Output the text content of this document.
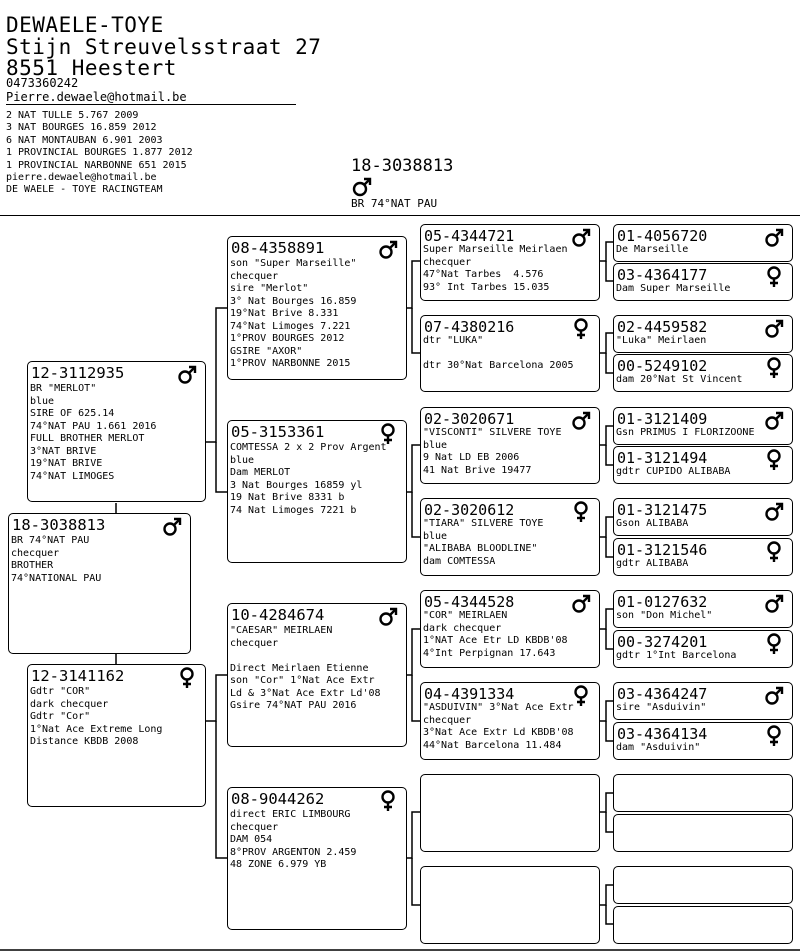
DEWAELE-TOYE
Stijn Streuvelsstraat 27
8551 Heestert
0473360242
Pierre.dewaele@hotmail.be
2 NAT TULLE 5.767 2009
3 NAT BOURGES 16.859 2012
6 NAT MONTAUBAN 6.901 2003
1 PROVINCIAL BOURGES 1.877 2012
1 PROVINCIAL NARBONNE 651 2015
pierre.dewaele@hotmail.be
DE WAELE - TOYE RACINGTEAM
18-3038813
BR 74°NAT PAU
18-3038813
BR 74°NAT PAU
checquer
BROTHER
74°NATIONAL PAU
12-3112935
BR "MERLOT"
blue
SIRE OF 625.14
74°NAT PAU 1.661 2016
FULL BROTHER MERLOT
3°NAT BRIVE
19°NAT BRIVE
74°NAT LIMOGES
12-3141162
Gdtr "COR"
dark checquer
Gdtr "Cor"
1°Nat Ace Extreme Long
Distance KBDB 2008
08-4358891
son "Super Marseille"
checquer
sire "Merlot"
3° Nat Bourges 16.859
19°Nat Brive 8.331
74°Nat Limoges 7.221
1°PROV BOURGES 2012
GSIRE "AXOR"
1°PROV NARBONNE 2015
05-3153361
COMTESSA 2 x 2 Prov Argent
blue
Dam MERLOT
3 Nat Bourges 16859 yl
19 Nat Brive 8331 b
74 Nat Limoges 7221 b
10-4284674
"CAESAR" MEIRLAEN
checquer

Direct Meirlaen Etienne
son "Cor" 1°Nat Ace Extr
Ld & 3°Nat Ace Extr Ld'08
Gsire 74°NAT PAU 2016
08-9044262
direct ERIC LIMBOURG
checquer
DAM 054
8°PROV ARGENTON 2.459
48 ZONE 6.979 YB
05-4344721
Super Marseille Meirlaen
checquer
47°Nat Tarbes  4.576
93° Int Tarbes 15.035
07-4380216
dtr "LUKA"

dtr 30°Nat Barcelona 2005
02-3020671
"VISCONTI" SILVERE TOYE
blue
9 Nat LD EB 2006
41 Nat Brive 19477
02-3020612
"TIARA" SILVERE TOYE
blue
"ALIBABA BLOODLINE"
dam COMTESSA
05-4344528
"COR" MEIRLAEN
dark checquer
1°NAT Ace Etr LD KBDB'08
4°Int Perpignan 17.643
04-4391334
"ASDUIVIN" 3°Nat Ace Extr
checquer
3°Nat Ace Extr Ld KBDB'08
44°Nat Barcelona 11.484
01-4056720
De Marseille
03-4364177
Dam Super Marseille
02-4459582
"Luka" Meirlaen
00-5249102
dam 20°Nat St Vincent
01-3121409
Gsn PRIMUS I FLORIZOONE
01-3121494
gdtr CUPIDO ALIBABA
01-3121475
Gson ALIBABA
01-3121546
gdtr ALIBABA
01-0127632
son "Don Michel"
00-3274201
gdtr 1°Int Barcelona
03-4364247
sire "Asduivin"
03-4364134
dam "Asduivin"
